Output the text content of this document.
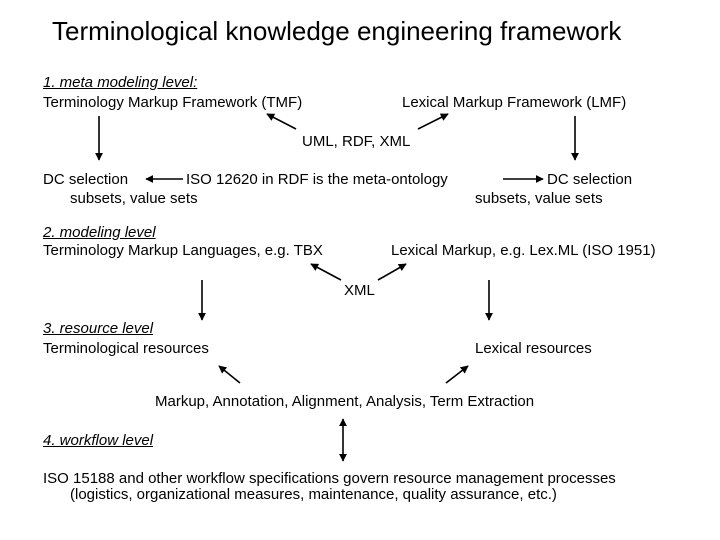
Terminological knowledge engineering framework
1. meta modeling level:
Terminology Markup Framework (TMF)	Lexical Markup Framework (LMF)
UML, RDF, XML
DC selection
subsets, value sets
ISO 12620 in RDF is the meta-ontology	DC selection
subsets, value sets
2. modeling level
Terminology Markup Languages, e.g. TBX	Lexical Markup, e.g. Lex.ML (ISO 1951)
XML
3. resource level
Terminological resources	Lexical resources
Markup, Annotation, Alignment, Analysis, Term Extraction
4. workflow level
ISO 15188 and other workflow specifications govern resource management processes
(logistics, organizational measures, maintenance, quality assurance, etc.)
